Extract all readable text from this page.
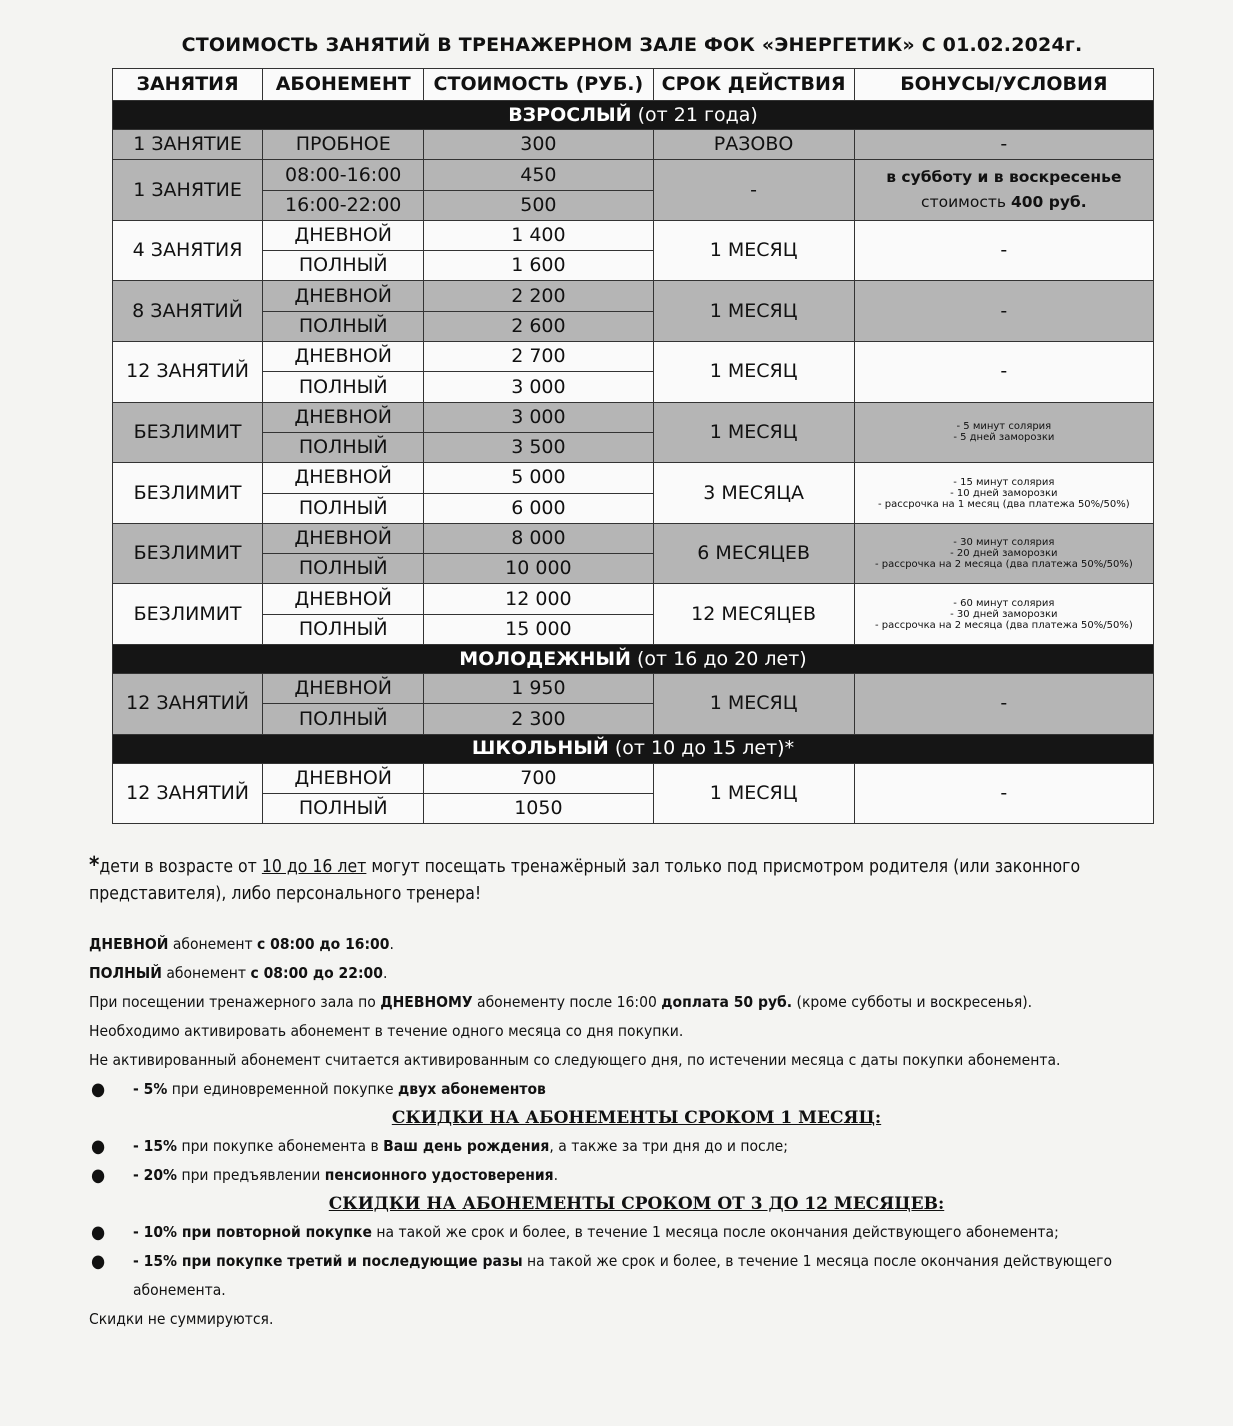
СТОИМОСТЬ ЗАНЯТИЙ В ТРЕНАЖЕРНОМ ЗАЛЕ ФОК «ЭНЕРГЕТИК» С 01.02.2024г.
ЗАНЯТИЯ	АБОНЕМЕНТ	СТОИМОСТЬ (РУБ.)	СРОК ДЕЙСТВИЯ	БОНУСЫ/УСЛОВИЯ
ВЗРОСЛЫЙ (от 21 года)				
1 ЗАНЯТИЕ	ПРОБНОЕ	300	РАЗОВО	-
1 ЗАНЯТИЕ	08:00-16:00	450	-	в субботу и в воскресенье
стоимость 400 руб.
	16:00-22:00	500		
4 ЗАНЯТИЯ	ДНЕВНОЙ	1 400	1 МЕСЯЦ	-
	ПОЛНЫЙ	1 600		
8 ЗАНЯТИЙ	ДНЕВНОЙ	2 200	1 МЕСЯЦ	-
	ПОЛНЫЙ	2 600		
12 ЗАНЯТИЙ	ДНЕВНОЙ	2 700	1 МЕСЯЦ	-
	ПОЛНЫЙ	3 000		
БЕЗЛИМИТ	ДНЕВНОЙ	3 000	1 МЕСЯЦ	- 5 минут солярия
- 5 дней заморозки

	ПОЛНЫЙ	3 500		
БЕЗЛИМИТ	ДНЕВНОЙ	5 000	3 МЕСЯЦА	- 15 минут солярия
- 10 дней заморозки
- рассрочка на 1 месяц (два платежа 50%/50%)

	ПОЛНЫЙ	6 000		
БЕЗЛИМИТ	ДНЕВНОЙ	8 000	6 МЕСЯЦЕВ	- 30 минут солярия
- 20 дней заморозки
- рассрочка на 2 месяца (два платежа 50%/50%)

	ПОЛНЫЙ	10 000		
БЕЗЛИМИТ	ДНЕВНОЙ	12 000	12 МЕСЯЦЕВ	- 60 минут солярия
- 30 дней заморозки
- рассрочка на 2 месяца (два платежа 50%/50%)

	ПОЛНЫЙ	15 000		
МОЛОДЕЖНЫЙ (от 16 до 20 лет)				
12 ЗАНЯТИЙ	ДНЕВНОЙ	1 950	1 МЕСЯЦ	-
	ПОЛНЫЙ	2 300		
ШКОЛЬНЫЙ (от 10 до 15 лет)*				
12 ЗАНЯТИЙ	ДНЕВНОЙ	700	1 МЕСЯЦ	-
	ПОЛНЫЙ	1050		

*дети в возрасте от 10 до 16 лет могут посещать тренажёрный зал только под присмотром родителя (или законного представителя), либо персонального тренера!

ДНЕВНОЙ абонемент с 08:00 до 16:00.

ПОЛНЫЙ абонемент с 08:00 до 22:00.

При посещении тренажерного зала по ДНЕВНОМУ абонементу после 16:00 доплата 50 руб. (кроме субботы и воскресенья).

Необходимо активировать абонемент в течение одного месяца со дня покупки.

Не активированный абонемент считается активированным со следующего дня, по истечении месяца с даты покупки абонемента.

● - 5% при единовременной покупке двух абонементов

СКИДКИ НА АБОНЕМЕНТЫ СРОКОМ 1 МЕСЯЦ:

● - 15% при покупке абонемента в Ваш день рождения, а также за три дня до и после;
● - 20% при предъявлении пенсионного удостоверения.

СКИДКИ НА АБОНЕМЕНТЫ СРОКОМ ОТ 3 ДО 12 МЕСЯЦЕВ:

● - 10% при повторной покупке на такой же срок и более, в течение 1 месяца после окончания действующего абонемента;
● - 15% при покупке третий и последующие разы на такой же срок и более, в течение 1 месяца после окончания действующего абонемента.

Скидки не суммируются.
